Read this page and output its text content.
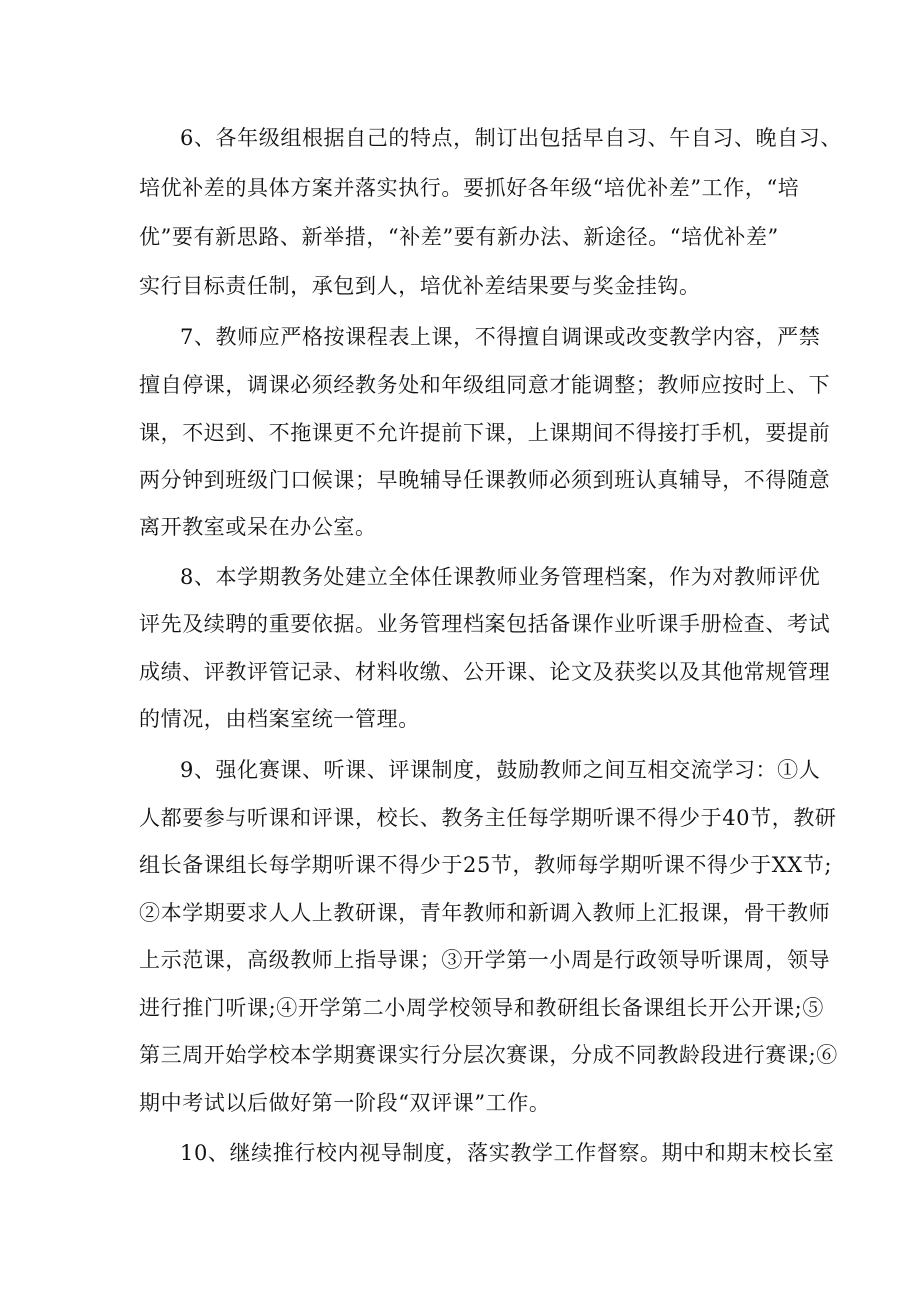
6、各年级组根据自己的特点，制订出包括早自习、午自习、晚自习、
培优补差的具体方案并落实执行。要抓好各年级“培优补差”工作，“培
优”要有新思路、新举措，“补差”要有新办法、新途径。“培优补差”
实行目标责任制，承包到人，培优补差结果要与奖金挂钩。
7、教师应严格按课程表上课，不得擅自调课或改变教学内容，严禁
擅自停课，调课必须经教务处和年级组同意才能调整；教师应按时上、下
课，不迟到、不拖课更不允许提前下课，上课期间不得接打手机，要提前
两分钟到班级门口候课；早晚辅导任课教师必须到班认真辅导，不得随意
离开教室或呆在办公室。
8、本学期教务处建立全体任课教师业务管理档案，作为对教师评优
评先及续聘的重要依据。业务管理档案包括备课作业听课手册检查、考试
成绩、评教评管记录、材料收缴、公开课、论文及获奖以及其他常规管理
的情况，由档案室统一管理。
9、强化赛课、听课、评课制度，鼓励教师之间互相交流学习：①人
人都要参与听课和评课，校长、教务主任每学期听课不得少于40节，教研
组长备课组长每学期听课不得少于25节，教师每学期听课不得少于XX节;
②本学期要求人人上教研课，青年教师和新调入教师上汇报课，骨干教师
上示范课，高级教师上指导课；③开学第一小周是行政领导听课周，领导
进行推门听课;④开学第二小周学校领导和教研组长备课组长开公开课;⑤
第三周开始学校本学期赛课实行分层次赛课，分成不同教龄段进行赛课;⑥
期中考试以后做好第一阶段“双评课”工作。
10、继续推行校内视导制度，落实教学工作督察。期中和期末校长室
